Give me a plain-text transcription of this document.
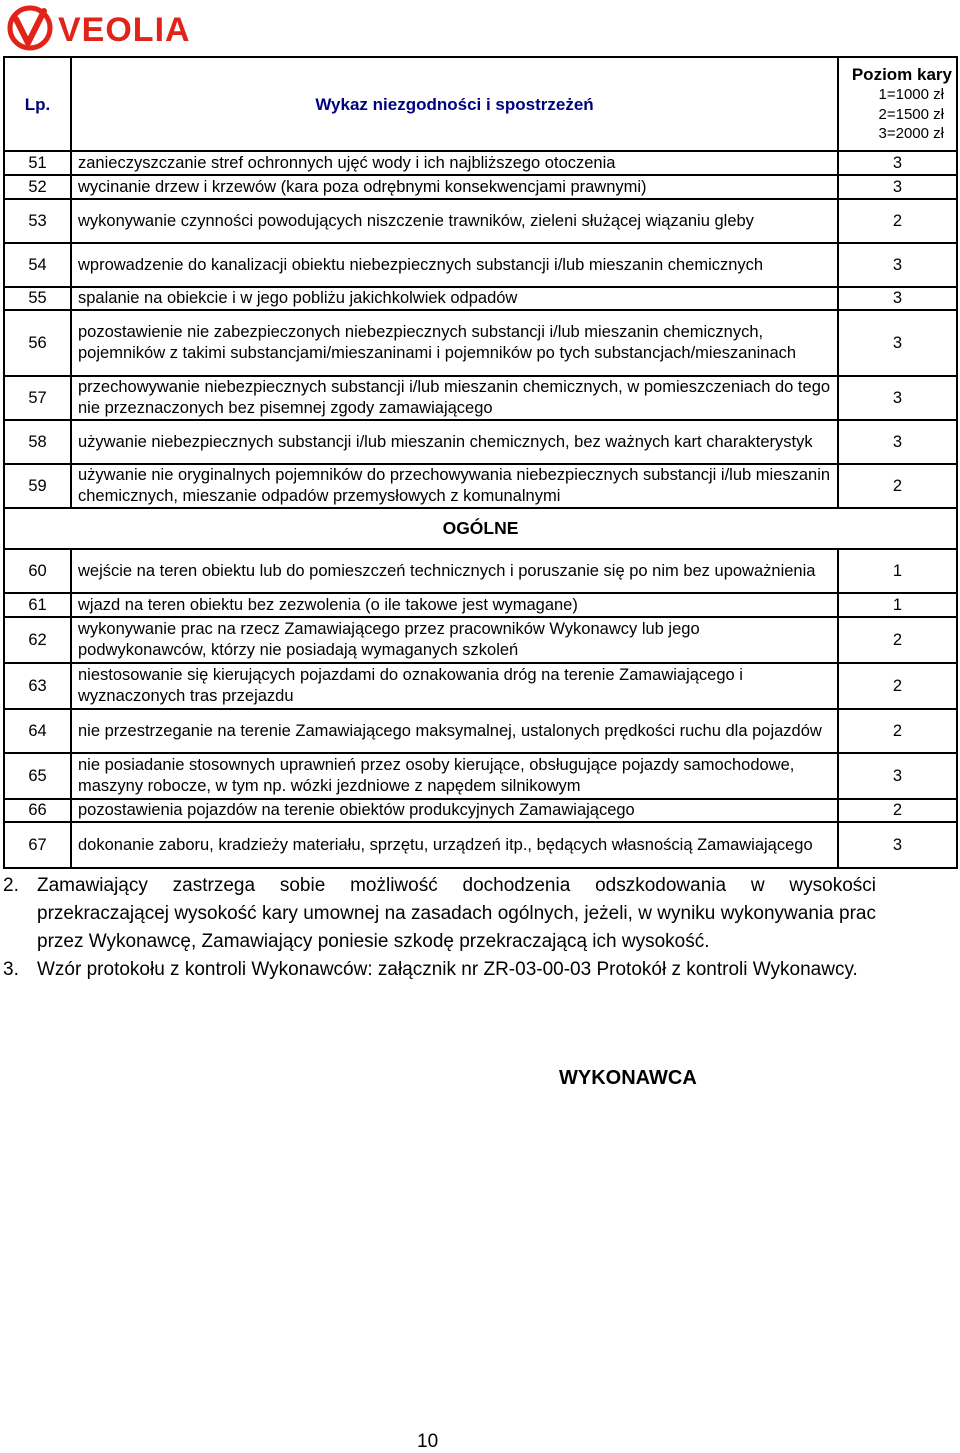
VEOLIA
Lp.	Wykaz niezgodności i spostrzeżeń	Poziom kary
1=1000 zł
2=1500 zł
3=2000 zł

51	zanieczyszczanie stref ochronnych ujęć wody i ich najbliższego otoczenia	3
52	wycinanie drzew i krzewów (kara poza odrębnymi konsekwencjami prawnymi)	3
53	wykonywanie czynności powodujących niszczenie trawników, zieleni służącej wiązaniu gleby	2
54	wprowadzenie do kanalizacji obiektu niebezpiecznych substancji i/lub mieszanin chemicznych	3
55	spalanie na obiekcie i w jego pobliżu jakichkolwiek odpadów	3
56	pozostawienie nie zabezpieczonych niebezpiecznych substancji i/lub mieszanin chemicznych, pojemników z takimi substancjami/mieszaninami i pojemników po tych substancjach/mieszaninach	3
57	przechowywanie niebezpiecznych substancji i/lub mieszanin chemicznych, w pomieszczeniach do tego nie przeznaczonych bez pisemnej zgody zamawiającego	3
58	używanie niebezpiecznych substancji i/lub mieszanin chemicznych, bez ważnych kart charakterystyk	3
59	używanie nie oryginalnych pojemników do przechowywania niebezpiecznych substancji i/lub mieszanin chemicznych, mieszanie odpadów przemysłowych z komunalnymi	2
OGÓLNE		
60	wejście na teren obiektu lub do pomieszczeń technicznych i poruszanie się po nim bez upoważnienia	1
61	wjazd na teren obiektu bez zezwolenia (o ile takowe jest wymagane)	1
62	wykonywanie prac na rzecz Zamawiającego przez pracowników Wykonawcy lub jego podwykonawców, którzy nie posiadają wymaganych szkoleń	2
63	niestosowanie się kierujących pojazdami do oznakowania dróg na terenie Zamawiającego i wyznaczonych tras przejazdu	2
64	nie przestrzeganie na terenie Zamawiającego maksymalnej, ustalonych prędkości ruchu dla pojazdów	2
65	nie posiadanie stosownych uprawnień przez osoby kierujące, obsługujące pojazdy samochodowe, maszyny robocze, w tym np. wózki jezdniowe z napędem silnikowym	3
66	pozostawienia pojazdów na terenie obiektów produkcyjnych Zamawiającego	2
67	dokonanie zaboru, kradzieży materiału, sprzętu, urządzeń itp., będących własnością Zamawiającego	3
2. Zamawiający zastrzega sobie możliwość dochodzenia odszkodowania w wysokości przekraczającej wysokość kary umownej na zasadach ogólnych, jeżeli, w wyniku wykonywania prac przez Wykonawcę, Zamawiający poniesie szkodę przekraczającą ich wysokość.
3. Wzór protokołu z kontroli Wykonawców: załącznik nr ZR-03-00-03 Protokół z kontroli Wykonawcy.
WYKONAWCA
10
